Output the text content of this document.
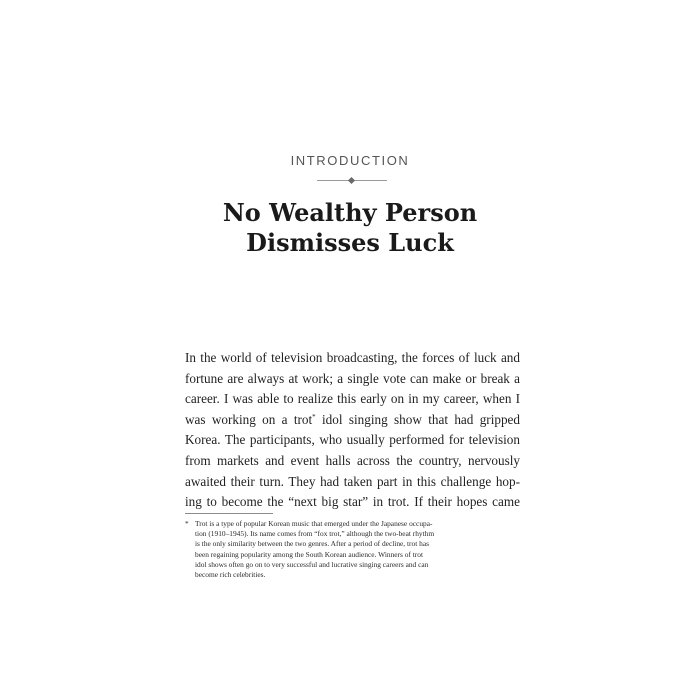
INTRODUCTION
No Wealthy Person
Dismisses Luck
In the world of television broadcasting, the forces of luck and
fortune are always at work; a single vote can make or break a
career. I was able to realize this early on in my career, when I
was working on a trot* idol singing show that had gripped
Korea. The participants, who usually performed for television
from markets and event halls across the country, nervously
awaited their turn. They had taken part in this challenge hop-
ing to become the “next big star” in trot. If their hopes came
* Trot is a type of popular Korean music that emerged under the Japanese occupa-
tion (1910–1945). Its name comes from “fox trot,” although the two-beat rhythm
is the only similarity between the two genres. After a period of decline, trot has
been regaining popularity among the South Korean audience. Winners of trot
idol shows often go on to very successful and lucrative singing careers and can
become rich celebrities.
